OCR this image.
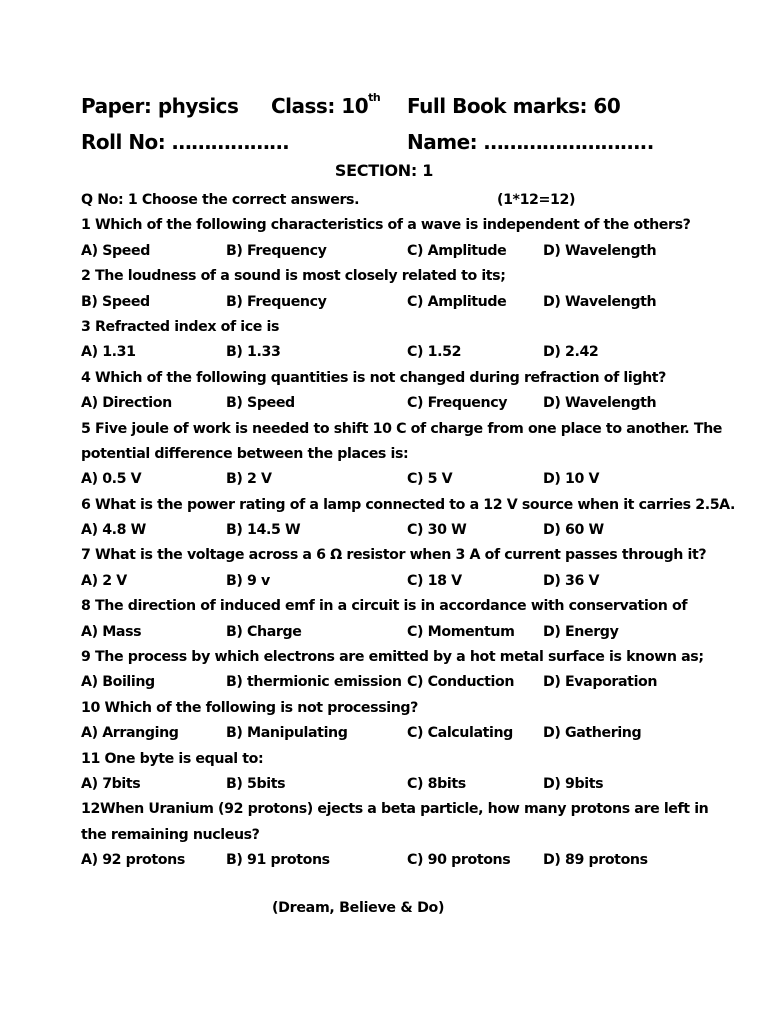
Paper: physics Class: 10th Full Book marks: 60
Roll No: ………………	Name: ……………………..
SECTION: 1
Q No: 1 Choose the correct answers.	(1*12=12)
1 Which of the following characteristics of a wave is independent of the others?
A) Speed	B) Frequency	C) Amplitude	D) Wavelength
2 The loudness of a sound is most closely related to its;
B) Speed	B) Frequency	C) Amplitude	D) Wavelength
3 Refracted index of ice is
A) 1.31	B) 1.33	C) 1.52	D) 2.42
4 Which of the following quantities is not changed during refraction of light?
A) Direction	B) Speed	C) Frequency	D) Wavelength
5 Five joule of work is needed to shift 10 C of charge from one place to another. The
potential difference between the places is:
A) 0.5 V	B) 2 V	C) 5 V	D) 10 V
6 What is the power rating of a lamp connected to a 12 V source when it carries 2.5A.
A) 4.8 W	B) 14.5 W	C) 30 W	D) 60 W
7 What is the voltage across a 6 Ω resistor when 3 A of current passes through it?
A) 2 V	B) 9 v	C) 18 V	D) 36 V
8 The direction of induced emf in a circuit is in accordance with conservation of
A) Mass	B) Charge	C) Momentum D) Energy
9 The process by which electrons are emitted by a hot metal surface is known as;
A) Boiling	B) thermionic emission C) Conduction D) Evaporation
10 Which of the following is not processing?
A) Arranging	B) Manipulating	C) Calculating D) Gathering
11 One byte is equal to:
A) 7bits	B) 5bits	C) 8bits	D) 9bits
12When Uranium (92 protons) ejects a beta particle, how many protons are left in
the remaining nucleus?
A) 92 protons	B) 91 protons	C) 90 protons D) 89 protons
(Dream, Believe & Do)
